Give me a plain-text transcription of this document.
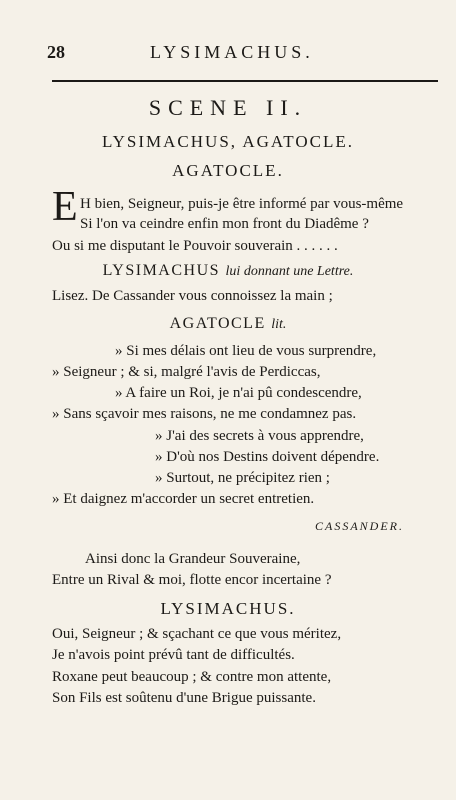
28	LYSIMACHUS.
SCENE II.
LYSIMACHUS, AGATOCLE.
AGATOCLE.
E H bien, Seigneur, puis-je être informé par vous-même
Si l'on va ceindre enfin mon front du Diadême ?
Ou si me disputant le Pouvoir souverain . . . . . .
LYSIMACHUS lui donnant une Lettre.
Lisez. De Cassander vous connoissez la main ;
AGATOCLE lit.
» Si mes délais ont lieu de vous surprendre,
» Seigneur ; & si, malgré l'avis de Perdiccas,
» A faire un Roi, je n'ai pû condescendre,
» Sans sçavoir mes raisons, ne me condamnez pas.
» J'ai des secrets à vous apprendre,
» D'où nos Destins doivent dépendre.
» Surtout, ne précipitez rien ;
» Et daignez m'accorder un secret entretien.
CASSANDER.
Ainsi donc la Grandeur Souveraine,
Entre un Rival & moi, flotte encor incertaine ?
LYSIMACHUS.
Oui, Seigneur ; & sçachant ce que vous méritez,
Je n'avois point prévû tant de difficultés.
Roxane peut beaucoup ; & contre mon attente,
Son Fils est soûtenu d'une Brigue puissante.
